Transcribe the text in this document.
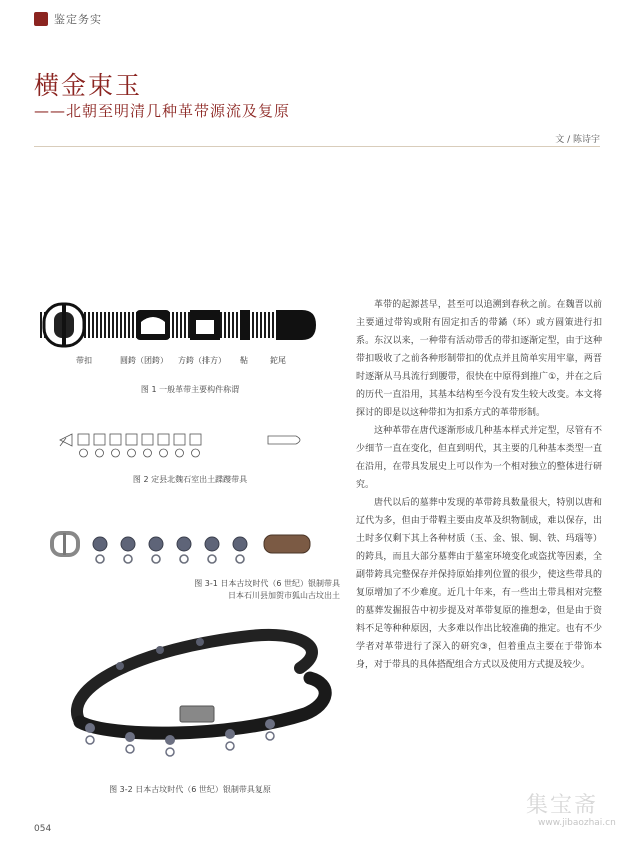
鉴定务实
横金束玉
——北朝至明清几种革带源流及复原
文 / 陈诗宇
带扣	圆銙（团銙） 方銙（排方） 䩞	鉈尾
图 1 一般革带主要构件称谓
图 2 定县北魏石室出土蹀躞带具
图 3-1 日本古坟时代（6 世纪）银制带具
日本石川县加贺市狐山古坟出土
图 3-2 日本古坟时代（6 世纪）银制带具复原

革带的起源甚早，甚至可以追溯到春秋之前。在魏晋以前主要通过带钩或附有固定扣舌的带鐍（环）或方圆策进行扣系。东汉以来，一种带有活动带舌的带扣逐渐定型，由于这种带扣吸收了之前各种形制带扣的优点并且简单实用牢靠，两晋时逐渐从马具流行到腰带，很快在中原得到推广①，并在之后的历代一直沿用，其基本结构至今没有发生较大改变。本文将探讨的即是以这种带扣为扣系方式的革带形制。

这种革带在唐代逐渐形成几种基本样式并定型，尽管有不少细节一直在变化，但直到明代，其主要的几种基本类型一直在沿用，在带具发展史上可以作为一个相对独立的整体进行研究。

唐代以后的墓葬中发现的革带銙具数量很大，特别以唐和辽代为多，但由于带鞓主要由皮革及织物制成，难以保存，出土时多仅剩下其上各种材质（玉、金、银、铜、铁、玛瑙等）的銙具，而且大部分墓葬由于墓室环境变化或盗扰等因素，全副带銙具完整保存并保持原始排列位置的很少，使这些带具的复原增加了不少难度。近几十年来，有一些出土带具相对完整的墓葬发掘报告中初步提及对革带复原的推想②，但是由于资料不足等种种原因，大多难以作出比较准确的推定。也有不少学者对革带进行了深入的研究③，但着重点主要在于带饰本身，对于带具的具体搭配组合方式以及使用方式提及较少。

054
集宝斋
www.jibaozhai.cn
